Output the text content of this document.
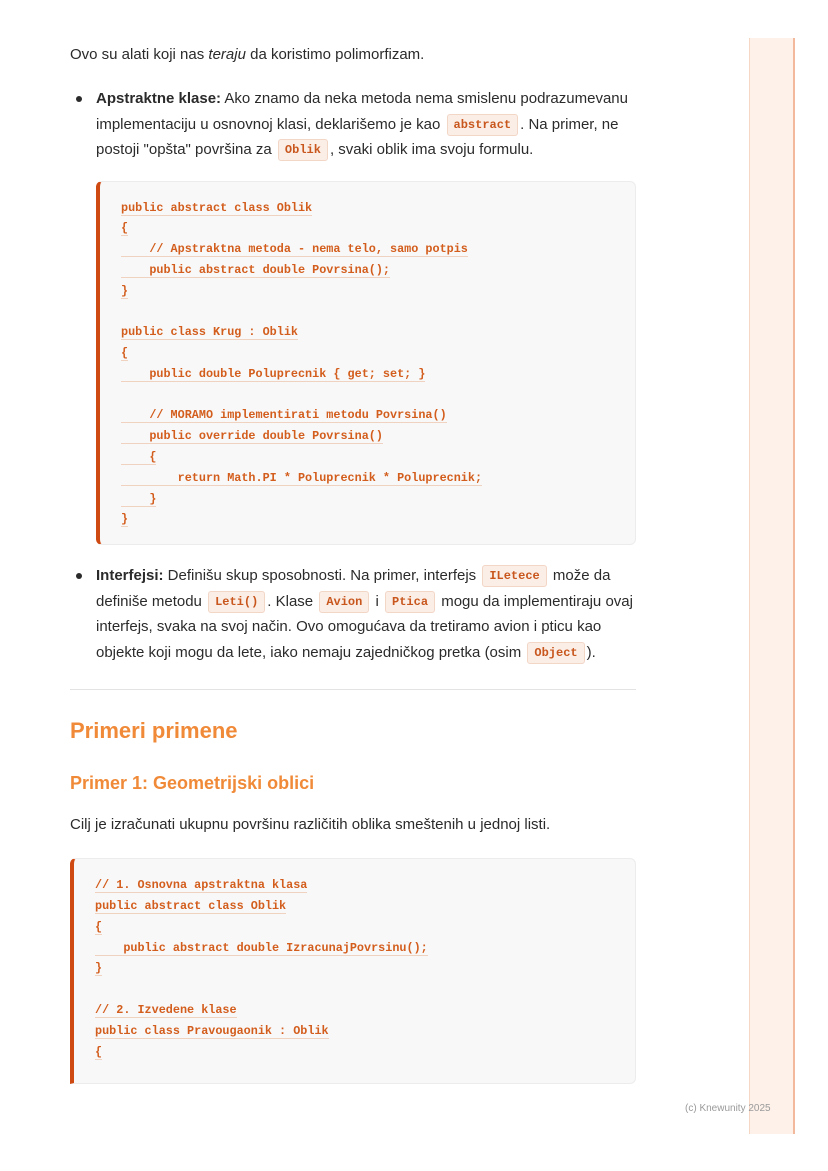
Ovo su alati koji nas teraju da koristimo polimorfizam.

Apstraktne klase: Ako znamo da neka metoda nema smislenu podrazumevanu implementaciju u osnovnoj klasi, deklarišemo je kao abstract . Na primer, ne postoji "opšta" površina za Oblik , svaki oblik ima svoju formulu.
public abstract class Oblik
{
// Apstraktna metoda - nema telo, samo potpis
public abstract double Povrsina();
}
public class Krug : Oblik
{
public double Poluprecnik { get; set; }
// MORAMO implementirati metodu Povrsina()
public override double Povrsina()
{
return Math.PI * Poluprecnik * Poluprecnik;
}
}
Interfejsi: Definišu skup sposobnosti. Na primer, interfejs ILetece može da definiše metodu Leti() . Klase Avion i Ptica mogu da implementiraju ovaj interfejs, svaka na svoj način. Ovo omogućava da tretiramo avion i pticu kao objekte koji mogu da lete, iako nemaju zajedničkog pretka (osim Object ).
Primeri primene
Primer 1: Geometrijski oblici

Cilj je izračunati ukupnu površinu različitih oblika smeštenih u jednoj listi.

// 1. Osnovna apstraktna klasa
public abstract class Oblik
{
public abstract double IzracunajPovrsinu();
}
// 2. Izvedene klase
public class Pravougaonik : Oblik
{
(c) Knewunity 2025
